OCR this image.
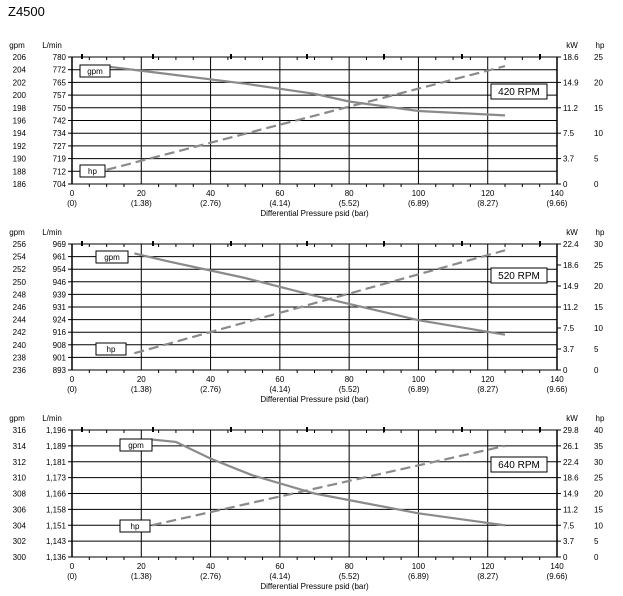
Z4500
0
5
10
15
20
25
0
3.7
7.5
11.2
14.9
18.6
186	704
188	712
190	719
192	727
194	734
196	742
198	750
200	757
202	765
204	772
206	780
gpm L/min	kW hp
0
(0)
20
(1.38)
40
(2.76)
60
(4.14)
80
(5.52)
100
(6.89)
120
(8.27)
140
(9.66)
Differential Pressure psid (bar)
gpm
hp
420 RPM
0
5
10
15
20
25
30
0
3.7
7.5
11.2
14.9
18.6
22.4
236	893
238	901
240	908
242	916
244	924
246	931
248	939
250	946
252	954
254	961
256	969
gpm L/min	kW hp
0
(0)
20
(1.38)
40
(2.76)
60
(4.14)
80
(5.52)
100
(6.89)
120
(8.27)
140
(9.66)
Differential Pressure psid (bar)
gpm
hp
520 RPM
0
5
10
15
20
25
30
35
40
0
3.7
7.5
11.2
14.9
18.6
22.4
26.1
29.8
300 1,136
302 1,143
304 1,151
306 1,158
308 1,166
310 1,173
312 1,181
314 1,189
316 1,196
gpm L/min	kW hp
0
(0)
20
(1.38)
40
(2.76)
60
(4.14)
80
(5.52)
100
(6.89)
120
(8.27)
140
(9.66)
Differential Pressure psid (bar)
gpm
hp
640 RPM
